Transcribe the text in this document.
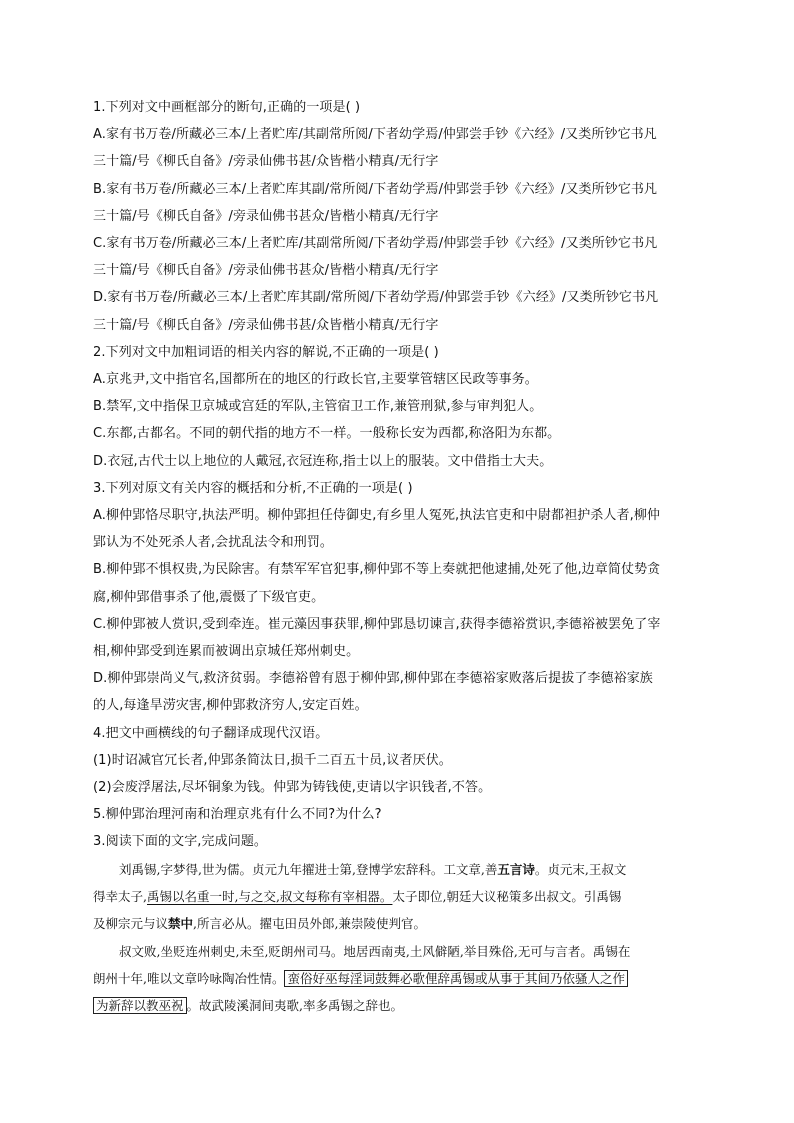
1.下列对文中画框部分的断句,正确的一项是( )
A.家有书万卷/所藏必三本/上者贮库/其副常所阅/下者幼学焉/仲郢尝手钞《六经》/又类所钞它书凡
三十篇/号《柳氏自备》/旁录仙佛书甚/众皆楷小精真/无行字
B.家有书万卷/所藏必三本/上者贮库其副/常所阅/下者幼学焉/仲郢尝手钞《六经》/又类所钞它书凡
三十篇/号《柳氏自备》/旁录仙佛书甚众/皆楷小精真/无行字
C.家有书万卷/所藏必三本/上者贮库/其副常所阅/下者幼学焉/仲郢尝手钞《六经》/又类所钞它书凡
三十篇/号《柳氏自备》/旁录仙佛书甚众/皆楷小精真/无行字
D.家有书万卷/所藏必三本/上者贮库其副/常所阅/下者幼学焉/仲郢尝手钞《六经》/又类所钞它书凡
三十篇/号《柳氏自备》/旁录仙佛书甚/众皆楷小精真/无行字
2.下列对文中加粗词语的相关内容的解说,不正确的一项是( )
A.京兆尹,文中指官名,国都所在的地区的行政长官,主要掌管辖区民政等事务。
B.禁军,文中指保卫京城或宫廷的军队,主管宿卫工作,兼管刑狱,参与审判犯人。
C.东都,古都名。不同的朝代指的地方不一样。一般称长安为西都,称洛阳为东都。
D.衣冠,古代士以上地位的人戴冠,衣冠连称,指士以上的服装。文中借指士大夫。
3.下列对原文有关内容的概括和分析,不正确的一项是( )
A.柳仲郢恪尽职守,执法严明。柳仲郢担任侍御史,有乡里人冤死,执法官吏和中尉都袒护杀人者,柳仲
郢认为不处死杀人者,会扰乱法令和刑罚。
B.柳仲郢不惧权贵,为民除害。有禁军军官犯事,柳仲郢不等上奏就把他逮捕,处死了他,边章简仗势贪
腐,柳仲郢借事杀了他,震慑了下级官吏。
C.柳仲郢被人赏识,受到牵连。崔元藻因事获罪,柳仲郢恳切谏言,获得李德裕赏识,李德裕被罢免了宰
相,柳仲郢受到连累而被调出京城任郑州刺史。
D.柳仲郢崇尚义气,救济贫弱。李德裕曾有恩于柳仲郢,柳仲郢在李德裕家败落后提拔了李德裕家族
的人,每逢旱涝灾害,柳仲郢救济穷人,安定百姓。
4.把文中画横线的句子翻译成现代汉语。
(1)时诏减官冗长者,仲郢条简汰日,损千二百五十员,议者厌伏。
(2)会废浮屠法,尽坏铜象为钱。仲郢为铸钱使,吏请以字识钱者,不答。
5.柳仲郢治理河南和治理京兆有什么不同?为什么?
3.阅读下面的文字,完成问题。

刘禹锡,字梦得,世为儒。贞元九年擢进士第,登博学宏辞科。工文章,善五言诗。贞元末,王叔文

得幸太子,禹锡以名重一时,与之交,叔文每称有宰相器。太子即位,朝廷大议秘策多出叔文。引禹锡

及柳宗元与议禁中,所言必从。擢屯田员外郎,兼崇陵使判官。

叔文败,坐贬连州刺史,未至,贬朗州司马。地居西南夷,土风僻陋,举目殊俗,无可与言者。禹锡在

朗州十年,唯以文章吟咏陶冶性情。 蛮俗好巫每淫词鼓舞必歌俚辞禹锡或从事于其间乃依骚人之作

为新辞以教巫祝 。故武陵溪洞间夷歌,率多禹锡之辞也。
